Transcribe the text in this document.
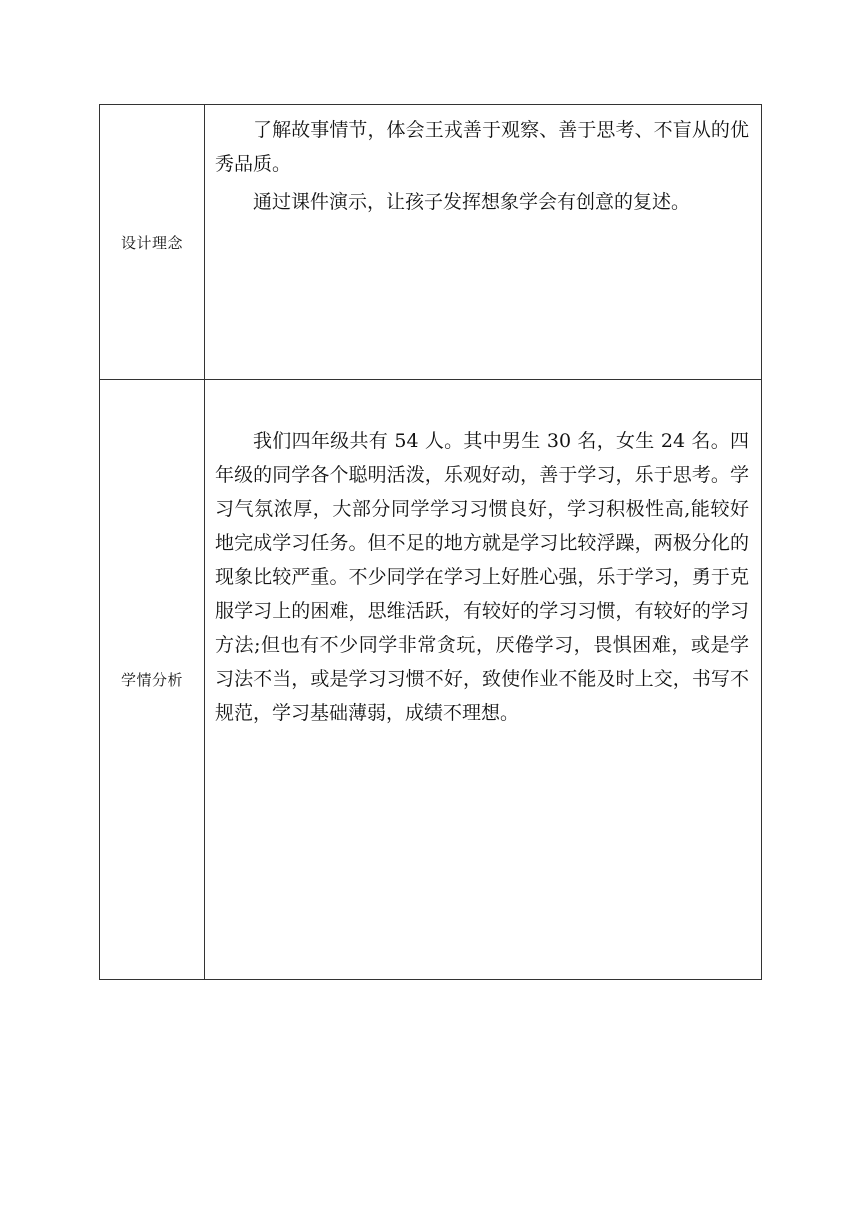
设计理念	了解故事情节，体会王戎善于观察、善于思考、不盲从的优秀品质。

通过课件演示，让孩子发挥想象学会有创意的复述。

学情分析	我们四年级共有 54 人。其中男生 30 名，女生 24 名。四年级的同学各个聪明活泼，乐观好动，善于学习，乐于思考。学习气氛浓厚，大部分同学学习习惯良好，学习积极性高,能较好地完成学习任务。但不足的地方就是学习比较浮躁，两极分化的现象比较严重。不少同学在学习上好胜心强，乐于学习，勇于克服学习上的困难，思维活跃，有较好的学习习惯，有较好的学习方法;但也有不少同学非常贪玩，厌倦学习，畏惧困难，或是学习法不当，或是学习习惯不好，致使作业不能及时上交，书写不规范，学习基础薄弱，成绩不理想。
